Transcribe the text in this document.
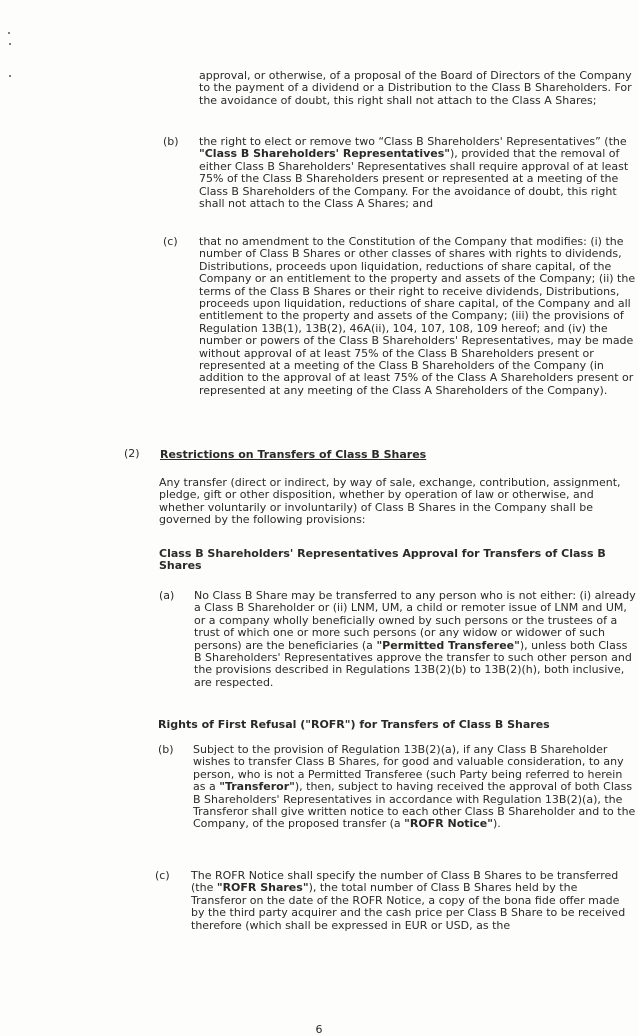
approval, or otherwise, of a proposal of the Board of Directors of the Company to the payment of a dividend or a Distribution to the Class B Shareholders. For the avoidance of doubt, this right shall not attach to the Class A Shares;
(b) the right to elect or remove two “Class B Shareholders' Representatives” (the "Class B Shareholders' Representatives"), provided that the removal of either Class B Shareholders' Representatives shall require approval of at least 75% of the Class B Shareholders present or represented at a meeting of the Class B Shareholders of the Company. For the avoidance of doubt, this right shall not attach to the Class A Shares; and
(c) that no amendment to the Constitution of the Company that modifies: (i) the number of Class B Shares or other classes of shares with rights to dividends, Distributions, proceeds upon liquidation, reductions of share capital, of the Company or an entitlement to the property and assets of the Company; (ii) the terms of the Class B Shares or their right to receive dividends, Distributions, proceeds upon liquidation, reductions of share capital, of the Company and all entitlement to the property and assets of the Company; (iii) the provisions of Regulation 13B(1), 13B(2), 46A(ii), 104, 107, 108, 109 hereof; and (iv) the number or powers of the Class B Shareholders' Representatives, may be made without approval of at least 75% of the Class B Shareholders present or represented at a meeting of the Class B Shareholders of the Company (in addition to the approval of at least 75% of the Class A Shareholders present or represented at any meeting of the Class A Shareholders of the Company).
(2) Restrictions on Transfers of Class B Shares
Any transfer (direct or indirect, by way of sale, exchange, contribution, assignment, pledge, gift or other disposition, whether by operation of law or otherwise, and whether voluntarily or involuntarily) of Class B Shares in the Company shall be governed by the following provisions:
Class B Shareholders' Representatives Approval for Transfers of Class B Shares
(a) No Class B Share may be transferred to any person who is not either: (i) already a Class B Shareholder or (ii) LNM, UM, a child or remoter issue of LNM and UM, or a company wholly beneficially owned by such persons or the trustees of a trust of which one or more such persons (or any widow or widower of such persons) are the beneficiaries (a "Permitted Transferee"), unless both Class B Shareholders' Representatives approve the transfer to such other person and the provisions described in Regulations 13B(2)(b) to 13B(2)(h), both inclusive, are respected.
Rights of First Refusal ("ROFR") for Transfers of Class B Shares
(b) Subject to the provision of Regulation 13B(2)(a), if any Class B Shareholder wishes to transfer Class B Shares, for good and valuable consideration, to any person, who is not a Permitted Transferee (such Party being referred to herein as a "Transferor"), then, subject to having received the approval of both Class B Shareholders' Representatives in accordance with Regulation 13B(2)(a), the Transferor shall give written notice to each other Class B Shareholder and to the Company, of the proposed transfer (a "ROFR Notice").
(c) The ROFR Notice shall specify the number of Class B Shares to be transferred (the "ROFR Shares"), the total number of Class B Shares held by the Transferor on the date of the ROFR Notice, a copy of the bona fide offer made by the third party acquirer and the cash price per Class B Share to be received therefore (which shall be expressed in EUR or USD, as the
6
